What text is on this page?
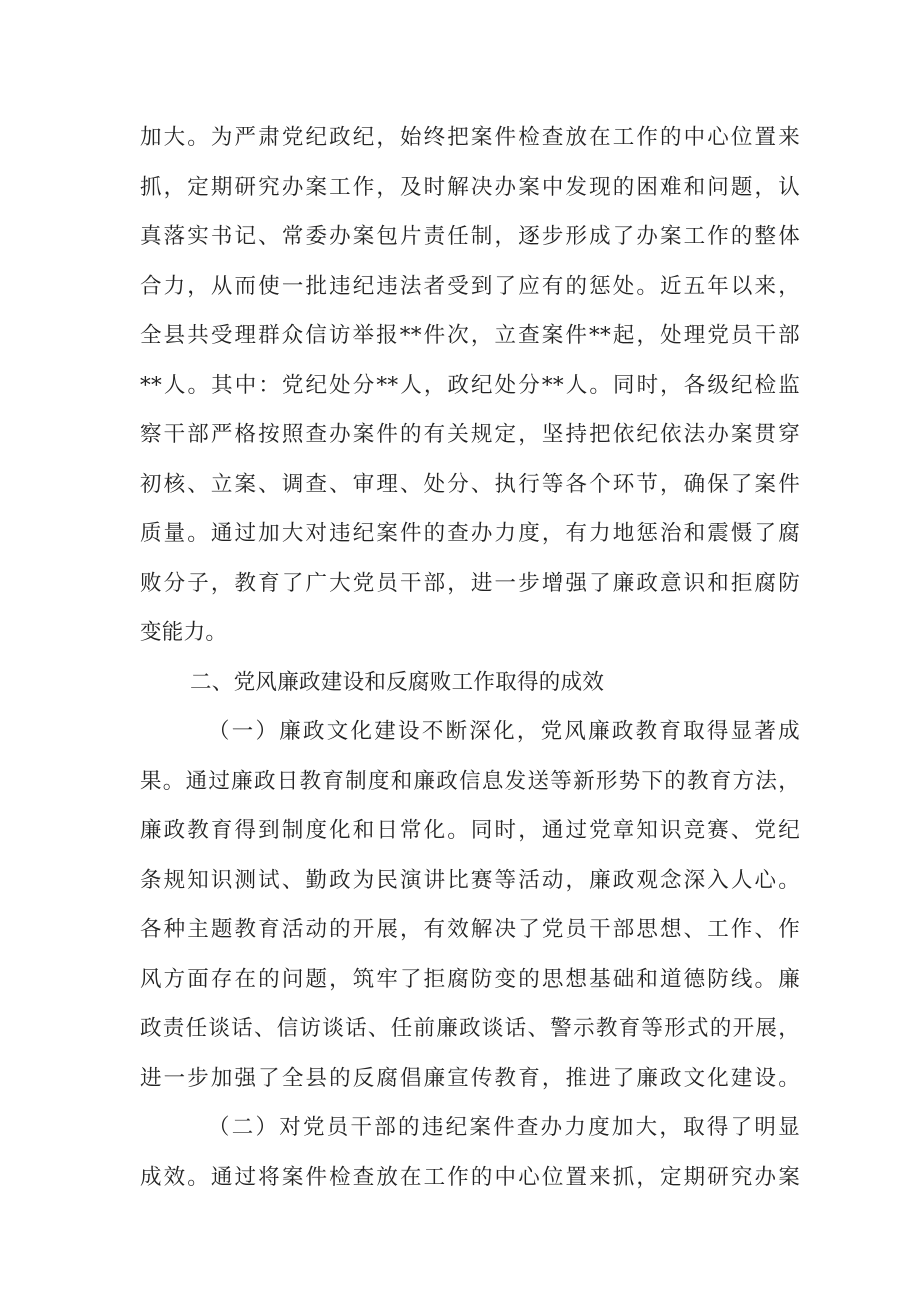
加大。为严肃党纪政纪，始终把案件检查放在工作的中心位置来
抓，定期研究办案工作，及时解决办案中发现的困难和问题，认
真落实书记、常委办案包片责任制，逐步形成了办案工作的整体
合力，从而使一批违纪违法者受到了应有的惩处。近五年以来，
全县共受理群众信访举报**件次，立查案件**起，处理党员干部
**人。其中：党纪处分**人，政纪处分**人。同时，各级纪检监
察干部严格按照查办案件的有关规定，坚持把依纪依法办案贯穿
初核、立案、调查、审理、处分、执行等各个环节，确保了案件
质量。通过加大对违纪案件的查办力度，有力地惩治和震慑了腐
败分子，教育了广大党员干部，进一步增强了廉政意识和拒腐防
变能力。
二、党风廉政建设和反腐败工作取得的成效
（一）廉政文化建设不断深化，党风廉政教育取得显著成
果。通过廉政日教育制度和廉政信息发送等新形势下的教育方法，
廉政教育得到制度化和日常化。同时，通过党章知识竞赛、党纪
条规知识测试、勤政为民演讲比赛等活动，廉政观念深入人心。
各种主题教育活动的开展，有效解决了党员干部思想、工作、作
风方面存在的问题，筑牢了拒腐防变的思想基础和道德防线。廉
政责任谈话、信访谈话、任前廉政谈话、警示教育等形式的开展，
进一步加强了全县的反腐倡廉宣传教育，推进了廉政文化建设。
（二）对党员干部的违纪案件查办力度加大，取得了明显
成效。通过将案件检查放在工作的中心位置来抓，定期研究办案
